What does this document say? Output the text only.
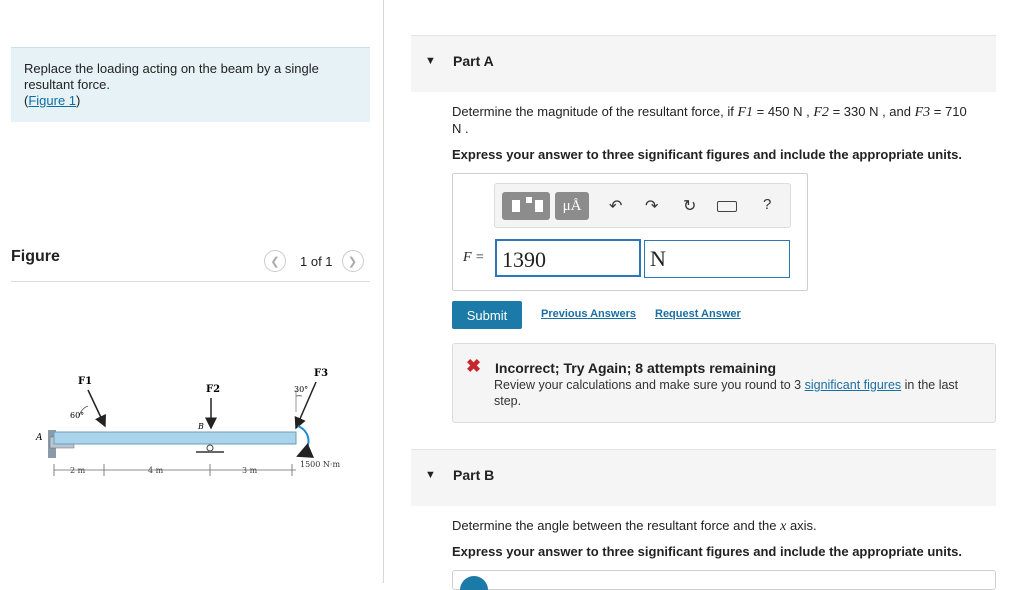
Replace the loading acting on the beam by a single resultant force.
(Figure 1)
Figure	❮ 1 of 1 ❯
F1
F2
F3
60°
30°
A
B
2 m	4 m	3 m
1500 N·m
▼ Part A
Determine the magnitude of the resultant force, if F1 = 450 N , F2 = 330 N , and F3 = 710
N .
Express your answer to three significant figures and include the appropriate units.
μÅ	↶ ↷ ↻	?
F = 1390	N
Submit	Previous Answers Request Answer
✖ Incorrect; Try Again; 8 attempts remaining
Review your calculations and make sure you round to 3 significant figures in the last step.
▼ Part B
Determine the angle between the resultant force and the x axis.
Express your answer to three significant figures and include the appropriate units.
